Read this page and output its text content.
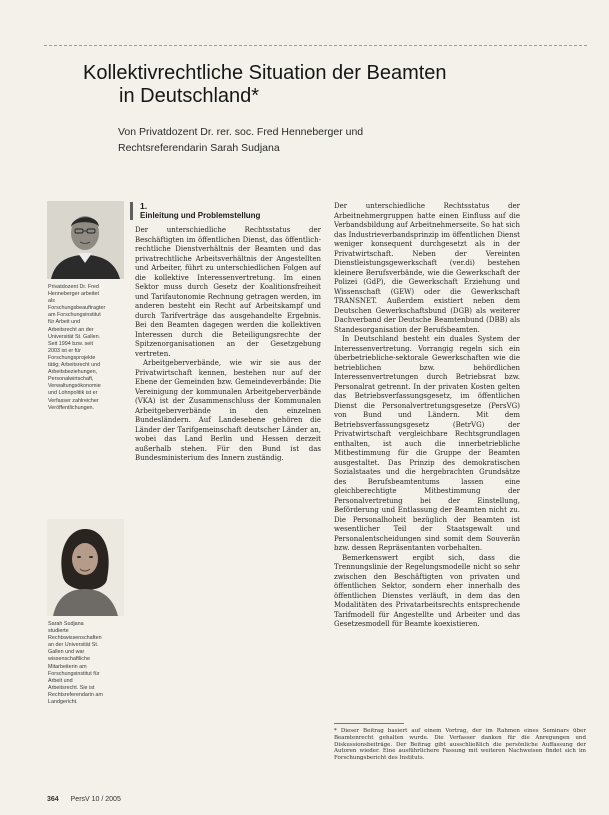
Kollektivrechtliche Situation der Beamten
in Deutschland*
Von Privatdozent Dr. rer. soc. Fred Henneberger und
Rechtsreferendarin Sarah Sudjana
Privatdozent Dr. Fred Henneberger arbeitet als Forschungsbeauftragter am Forschungsinstitut für Arbeit und Arbeitsrecht an der Universität St. Gallen. Seit 1994 bzw. seit 2003 ist er für Forschungsprojekte tätig; Arbeitsrecht und Arbeitsbeziehungen, Personalwirtschaft, Verwaltungsökonomie und Lohnpolitik ist er Verfasser zahlreicher Veröffentlichungen.
Sarah Sudjana studierte Rechtswissenschaften an der Universität St. Gallen und war wissenschaftliche Mitarbeiterin am Forschungsinstitut für Arbeit und Arbeitsrecht. Sie ist Rechtsreferendarin am Landgericht.
1.
Einleitung und Problemstellung

Der unterschiedliche Rechtsstatus der Beschäftigten im öffentlichen Dienst, das öffentlich-rechtliche Dienstverhältnis der Beamten und das privatrechtliche Arbeitsverhältnis der Angestellten und Arbeiter, führt zu unterschiedlichen Folgen auf die kollektive Interessenvertretung. Im einen Sektor muss durch Gesetz der Koalitionsfreiheit und Tarifautonomie Rechnung getragen werden, im anderen besteht ein Recht auf Arbeitskampf und durch Tarifverträge das ausgehandelte Ergebnis. Bei den Beamten dagegen werden die kollektiven Interessen durch die Beteiligungsrechte der Spitzenorganisationen an der Gesetzgebung vertreten.

Arbeitgeberverbände, wie wir sie aus der Privatwirtschaft kennen, bestehen nur auf der Ebene der Gemeinden bzw. Gemeindeverbände: Die Vereinigung der kommunalen Arbeitgeberverbände (VKA) ist der Zusammenschluss der Kommunalen Arbeitgeberverbände in den einzelnen Bundesländern. Auf Landesebene gehören die Länder der Tarifgemeinschaft deutscher Länder an, wobei das Land Berlin und Hessen derzeit außerhalb stehen. Für den Bund ist das Bundesministerium des Innern zuständig.

Der unterschiedliche Rechtsstatus der Arbeitnehmergruppen hatte einen Einfluss auf die Verbandsbildung auf Arbeitnehmerseite. So hat sich das Industrieverbandsprinzip im öffentlichen Dienst weniger konsequent durchgesetzt als in der Privatwirtschaft. Neben der Vereinten Dienstleistungsgewerkschaft (ver.di) bestehen kleinere Berufsverbände, wie die Gewerkschaft der Polizei (GdP), die Gewerkschaft Erziehung und Wissenschaft (GEW) oder die Gewerkschaft TRANSNET. Außerdem existiert neben dem Deutschen Gewerkschaftsbund (DGB) als weiterer Dachverband der Deutsche Beamtenbund (DBB) als Standesorganisation der Berufsbeamten.

In Deutschland besteht ein duales System der Interessenvertretung. Vorrangig regeln sich ein überbetriebliche-sektorale Gewerkschaften wie die betrieblichen bzw. behördlichen Interessenvertretungen durch Betriebsrat bzw. Personalrat getrennt. In der privaten Kosten gelten das Betriebsverfassungsgesetz, im öffentlichen Dienst die Personalvertretungsgesetze (PersVG) von Bund und Ländern. Mit dem Betriebsverfassungsgesetz (BetrVG) der Privatwirtschaft vergleichbare Rechtsgrundlagen enthalten, ist auch die innerbetriebliche Mitbestimmung für die Gruppe der Beamten ausgestaltet. Das Prinzip des demokratischen Sozialstaates und die hergebrachten Grundsätze des Berufsbeamtentums lassen eine gleichberechtigte Mitbestimmung der Personalvertretung bei der Einstellung, Beförderung und Entlassung der Beamten nicht zu. Die Personalhoheit bezüglich der Beamten ist wesentlicher Teil der Staatsgewalt und Personalentscheidungen sind somit dem Souverän bzw. dessen Repräsentanten vorbehalten.

Bemerkenswert ergibt sich, dass die Trennungslinie der Regelungsmodelle nicht so sehr zwischen den Beschäftigten von privaten und öffentlichen Sektor, sondern eher innerhalb des öffentlichen Dienstes verläuft, in dem das den Modalitäten des Privatarbeitsrechts entsprechende Tarifmodell für Angestellte und Arbeiter und das Gesetzesmodell für Beamte koexistieren.

* Dieser Beitrag basiert auf einem Vortrag, der im Rahmen eines Seminars über Beamtenrecht gehalten wurde. Die Verfasser danken für die Anregungen und Diskussionsbeiträge. Der Beitrag gibt ausschließlich die persönliche Auffassung der Autoren wieder. Eine ausführlichere Fassung mit weiteren Nachweisen findet sich im Forschungsbericht des Instituts.
364 PersV 10 / 2005
